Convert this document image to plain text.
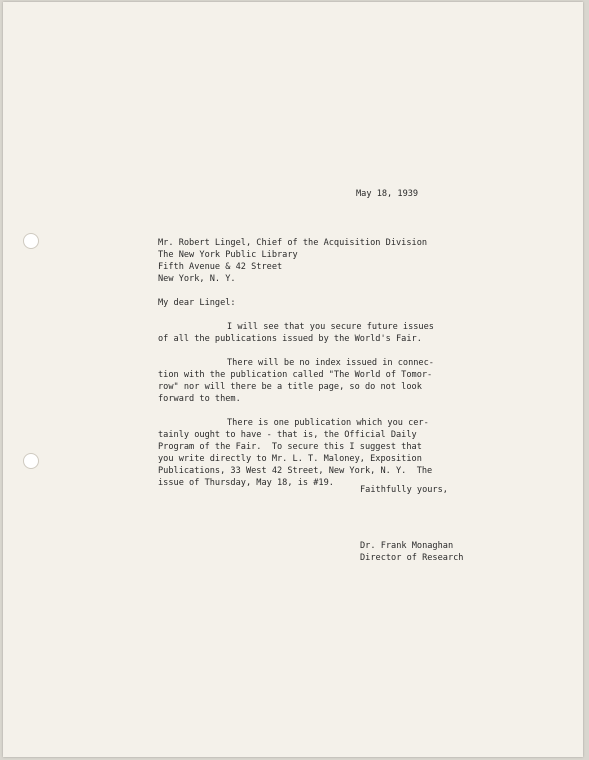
May 18, 1939
Mr. Robert Lingel, Chief of the Acquisition Division
The New York Public Library
Fifth Avenue & 42 Street
New York, N. Y.
My dear Lingel:
I will see that you secure future issues
of all the publications issued by the World's Fair.
There will be no index issued in connec-
tion with the publication called "The World of Tomor-
row" nor will there be a title page, so do not look
forward to them.
There is one publication which you cer-
tainly ought to have - that is, the Official Daily
Program of the Fair.  To secure this I suggest that
you write directly to Mr. L. T. Maloney, Exposition
Publications, 33 West 42 Street, New York, N. Y.  The
issue of Thursday, May 18, is #19.
Faithfully yours,
Dr. Frank Monaghan
Director of Research
